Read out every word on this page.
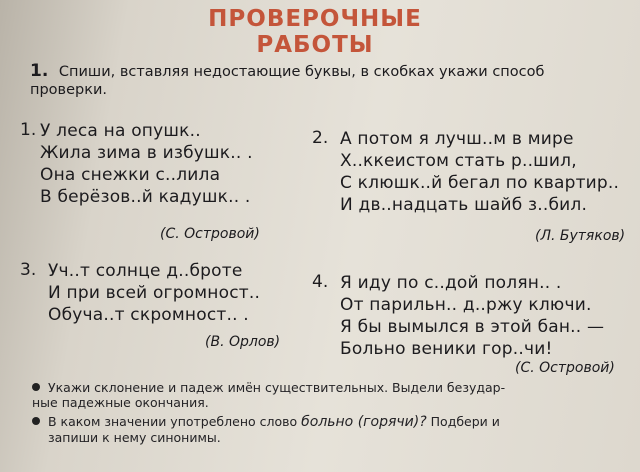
ПРОВЕРОЧНЫЕ РАБОТЫ
1. Спиши, вставляя недостающие буквы, в скобках укажи способ
проверки.
1. У леса на опушк..
Жила зима в избушк.. .
Она снежки с..лила
В берёзов..й кадушк.. .
(С. Островой)
2. А потом я лучш..м в мире
Х..ккеистом стать р..шил,
С клюшк..й бегал по квартир..
И дв..надцать шайб з..бил.
(Л. Бутяков)
3. Уч..т солнце д..броте
И при всей огромност..
Обуча..т скромност.. .
(В. Орлов)
4. Я иду по с..дой полян.. .
От парильн.. д..ржу ключи.
Я бы вымылся в этой бан.. —
Больно веники гор..чи!
(С. Островой)
Укажи склонение и падеж имён существительных. Выдели безудар-
ные падежные окончания.
В каком значении употреблено слово больно (горячи)? Подбери и
запиши к нему синонимы.
